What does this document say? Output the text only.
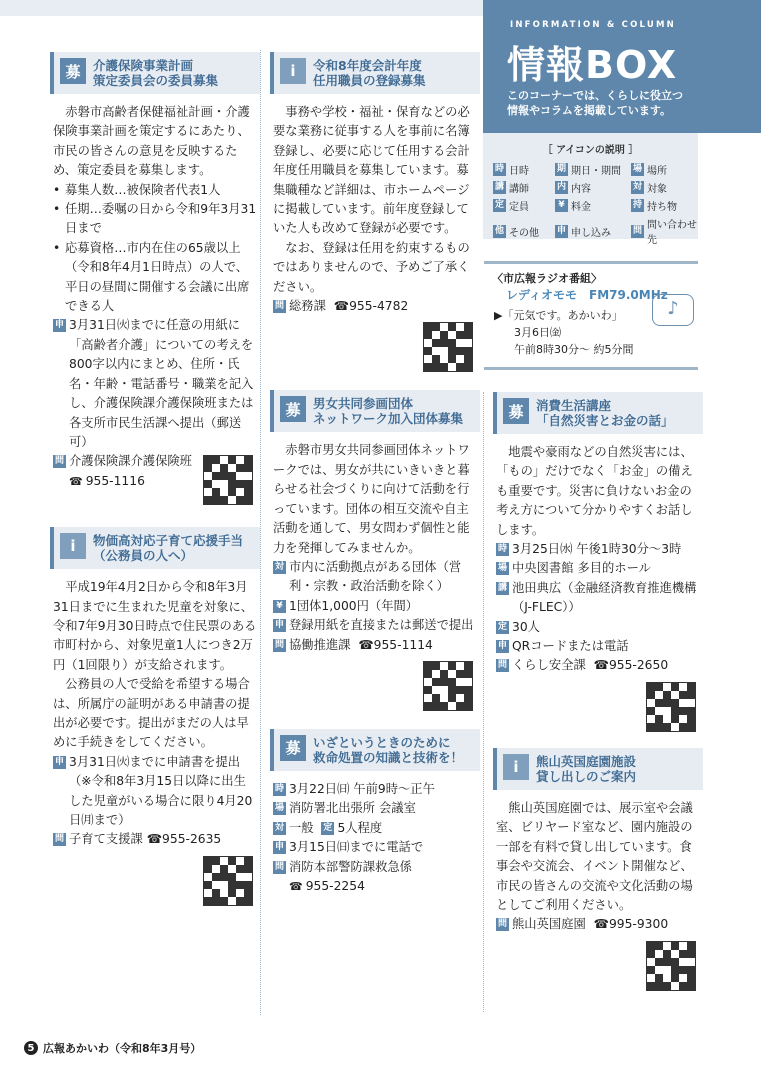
INFORMATION & COLUMN
情報BOX
このコーナーでは、くらしに役立つ
情報やコラムを掲載しています。
［ アイコンの説明 ］
時 日時	期 期日・期間 場 場所
講 講師	内 内容	対 対象
定 定員	¥ 料金	持 持ち物
他 その他 申 申し込み 問 問い合わせ先
〈市広報ラジオ番組〉
レディオモモ　FM79.0MHz
▶「元気です。あかいわ」
3月6日㈮
午前8時30分～ 約5分間
♪
募	介護保険事業計画
策定委員会の委員募集

赤磐市高齢者保健福祉計画・介護保険事業計画を策定するにあたり、市民の皆さんの意見を反映するため、策定委員を募集します。

• 募集人数…被保険者代表1人

• 任期…委嘱の日から令和9年3月31日まで

• 応募資格…市内在住の65歳以上（令和8年4月1日時点）の人で、平日の昼間に開催する会議に出席できる人

申 3月31日㈫までに任意の用紙に「高齢者介護」についての考えを800字以内にまとめ、住所・氏名・年齢・電話番号・職業を記入し、介護保険課介護保険班または各支所市民生活課へ提出（郵送可）

問 介護保険課介護保険班

☎ 955-1116

i	物価高対応子育て応援手当
（公務員の人へ）

平成19年4月2日から令和8年3月31日までに生まれた児童を対象に、令和7年9月30日時点で住民票のある市町村から、対象児童1人につき2万円（1回限り）が支給されます。

公務員の人で受給を希望する場合は、所属庁の証明がある申請書の提出が必要です。提出がまだの人は早めに手続きをしてください。

申 3月31日㈫までに申請書を提出（※令和8年3月15日以降に出生した児童がいる場合に限り4月20日㈪まで）

問 子育て支援課
☎ 955-2635

i	令和8年度会計年度
任用職員の登録募集

事務や学校・福祉・保育などの必要な業務に従事する人を事前に名簿登録し、必要に応じて任用する会計年度任用職員を募集しています。募集職種など詳細は、市ホームページに掲載しています。前年度登録していた人も改めて登録が必要です。

なお、登録は任用を約束するものではありませんので、予めご了承ください。

問 総務課
☎ 955-4782

募	男女共同参画団体
ネットワーク加入団体募集

赤磐市男女共同参画団体ネットワークでは、男女が共にいきいきと暮らせる社会づくりに向けて活動を行っています。団体の相互交流や自主活動を通して、男女問わず個性と能力を発揮してみませんか。

対 市内に活動拠点がある団体（営利・宗教・政治活動を除く）

¥ 1団体1,000円（年間）

申 登録用紙を直接または郵送で提出

問 協働推進課
☎ 955-1114

募	いざというときのために
救命処置の知識と技術を！

時 3月22日㈰ 午前9時～正午

場 消防署北出張所 会議室

対 一般
定 5人程度

申 3月15日㈰までに電話で

問 消防本部警防課救急係

☎ 955-2254

募	消費生活講座
「自然災害とお金の話」

地震や豪雨などの自然災害には、「もの」だけでなく「お金」の備えも重要です。災害に負けないお金の考え方について分かりやすくお話しします。

時 3月25日㈬ 午後1時30分～3時

場 中央図書館 多目的ホール

講 池田典広（金融経済教育推進機構（J-FLEC））

定 30人

申 QRコードまたは電話

問 くらし安全課
☎ 955-2650

i	熊山英国庭園施設
貸し出しのご案内

熊山英国庭園では、展示室や会議室、ビリヤード室など、園内施設の一部を有料で貸し出しています。食事会や交流会、イベント開催など、市民の皆さんの交流や文化活動の場としてご利用ください。

問 熊山英国庭園
☎ 995-9300

5 広報あかいわ（令和8年3月号）
